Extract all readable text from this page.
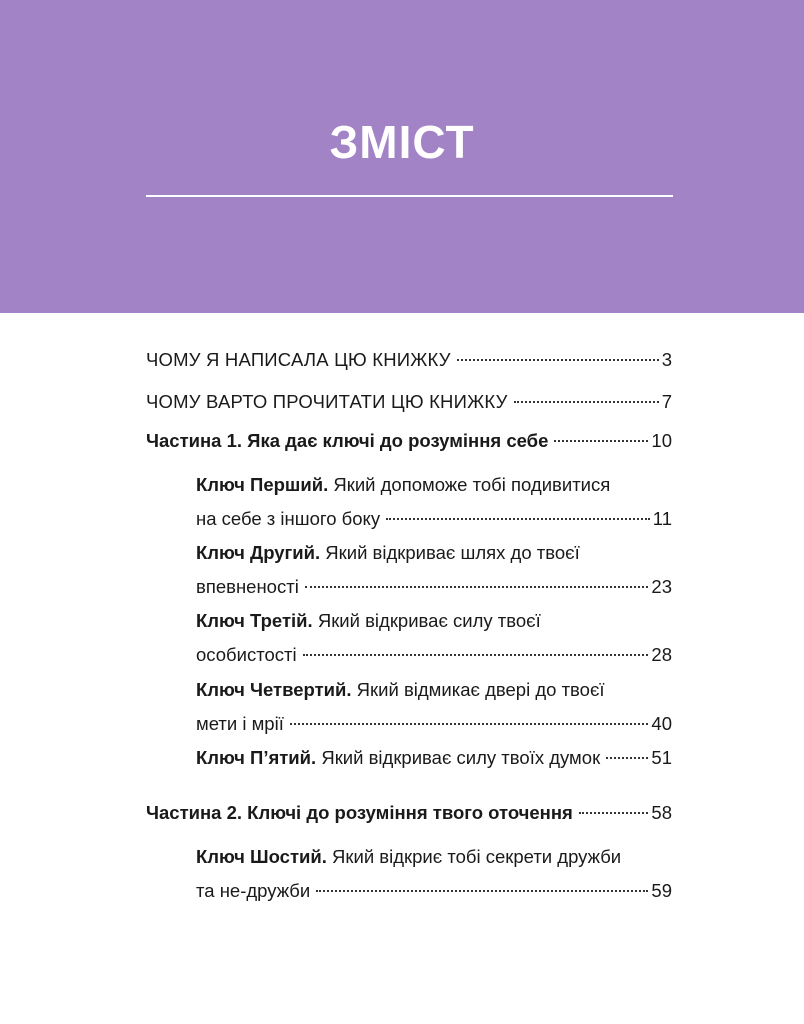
ЗМІСТ
ЧОМУ Я НАПИСАЛА ЦЮ КНИЖКУ	3
ЧОМУ ВАРТО ПРОЧИТАТИ ЦЮ КНИЖКУ	7
Частина 1. Яка дає ключі до розуміння себе	10
Ключ Перший. Який допоможе тобі подивитися
на себе з іншого боку	11
Ключ Другий. Який відкриває шлях до твоєї
впевненості	23
Ключ Третій. Який відкриває силу твоєї
особистості	28
Ключ Четвертий. Який відмикає двері до твоєї
мети і мрії	40
Ключ П’ятий. Який відкриває силу твоїх думок	51
Частина 2. Ключі до розуміння твого оточення	58
Ключ Шостий. Який відкриє тобі секрети дружби
та не-дружби	59
